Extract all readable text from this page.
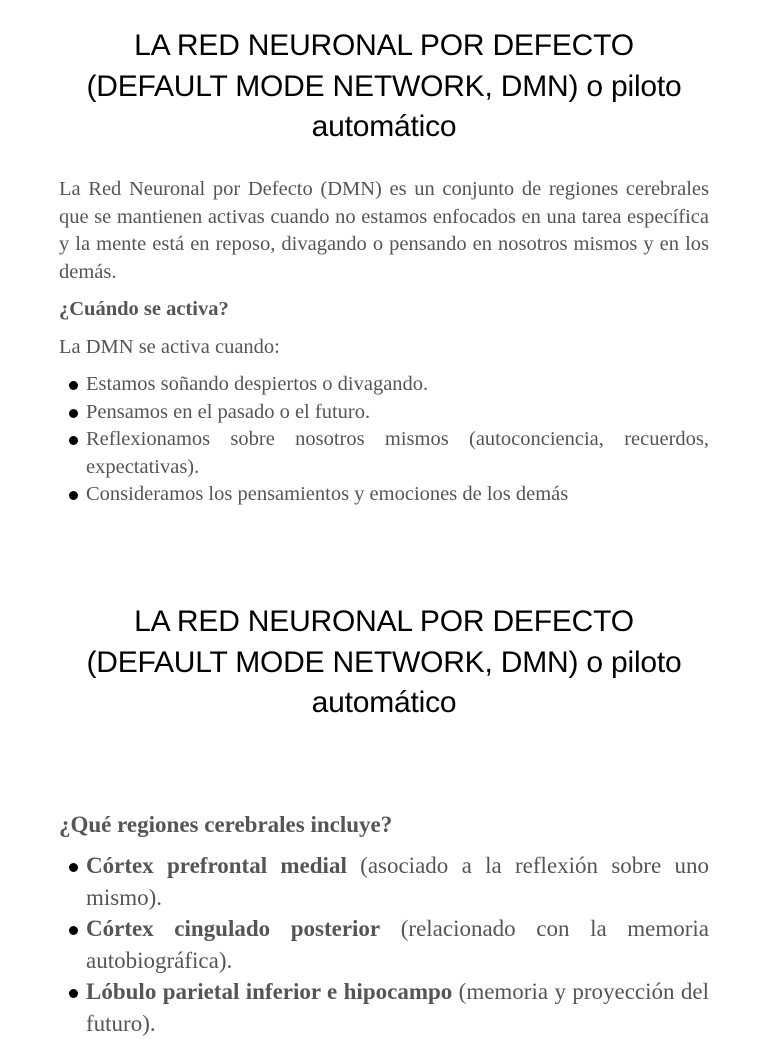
LA RED NEURONAL POR DEFECTO (DEFAULT MODE NETWORK, DMN) o piloto automático

La Red Neuronal por Defecto (DMN) es un conjunto de regiones cerebrales que se mantienen activas cuando no estamos enfocados en una tarea específica y la mente está en reposo, divagando o pensando en nosotros mismos y en los demás.

¿Cuándo se activa?

La DMN se activa cuando:

Estamos soñando despiertos o divagando.
Pensamos en el pasado o el futuro.
Reflexionamos sobre nosotros mismos (autoconciencia, recuerdos, expectativas).
Consideramos los pensamientos y emociones de los demás
LA RED NEURONAL POR DEFECTO (DEFAULT MODE NETWORK, DMN) o piloto automático
¿Qué regiones cerebrales incluye?
Córtex prefrontal medial (asociado a la reflexión sobre uno mismo).
Córtex cingulado posterior (relacionado con la memoria autobiográfica).
Lóbulo parietal inferior e hipocampo (memoria y proyección del futuro).
